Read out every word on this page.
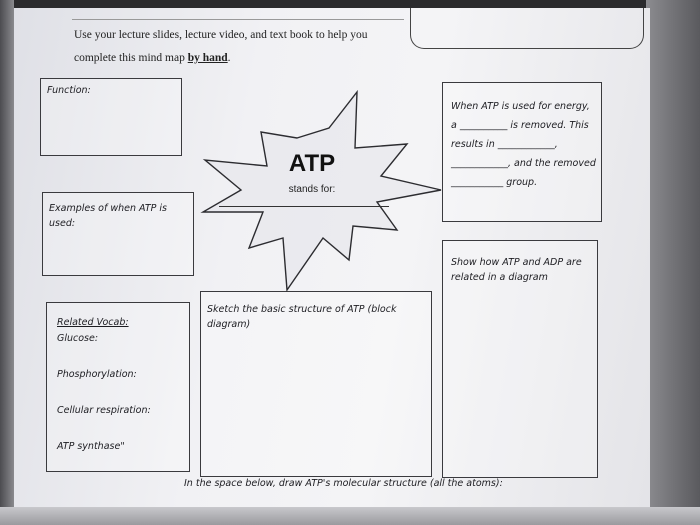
Use your lecture slides, lecture video, and text book to help you
complete this mind map by hand.
Function:
Examples of when ATP is used:
Related Vocab:
Glucose:
Phosphorylation:
Cellular respiration:
ATP synthase"
Sketch the basic structure of ATP (block diagram)
When ATP is used for energy, a __________ is removed. This results in ____________, ____________, and the removed ___________ group.
Show how ATP and ADP are related in a diagram
ATP
stands for:
In the space below, draw ATP's molecular structure (all the atoms):
